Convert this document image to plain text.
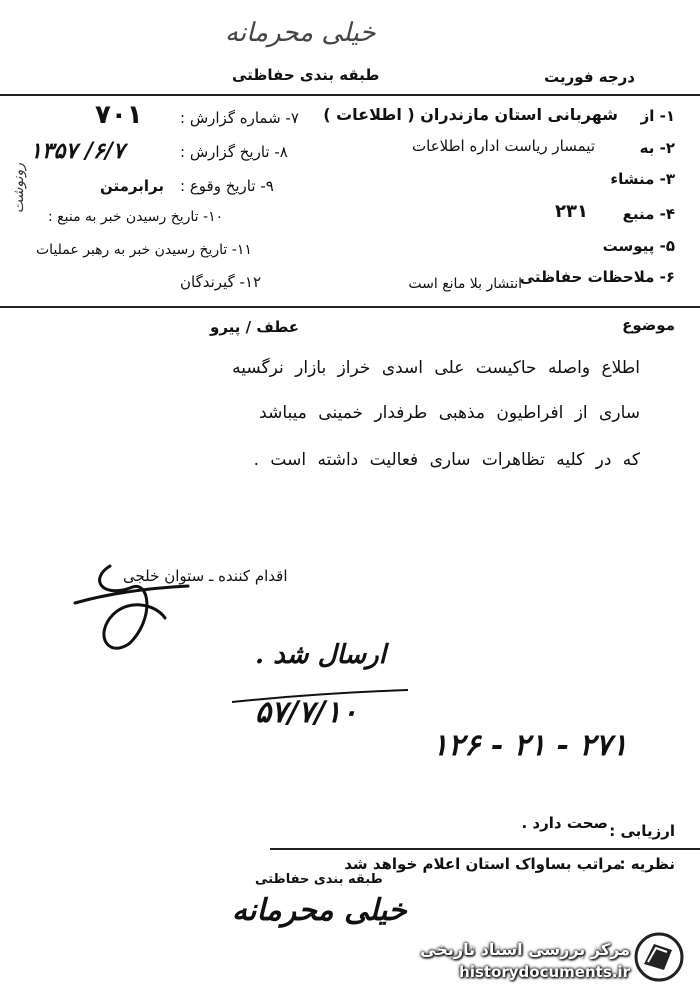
خیلی محرمانه
طبقه بندی حفاظتی	درجه فوریت
۱- از
شهربانی استان مازندران ( اطلاعات )
۲- به
تیمسار ریاست اداره اطلاعات
۳- منشاء
۴- منبع
۲۳۱
۵- پیوست
۶- ملاحظات حفاظتی
انتشار بلا مانع است
۷- شماره گزارش :
۷۰۱
۸- تاریخ گزارش :
۶/۷/ ۱۳۵۷
۹- تاریخ وقوع :
برابرمتن
۱۰- تاریخ رسیدن خبر به منبع :
۱۱- تاریخ رسیدن خبر به رهبر عملیات
۱۲- گیرندگان
رونوشت
موضوع
عطف / پیرو
اطلاع واصله حاکیست علی اسدی خراز بازار نرگسیه
ساری از افراطیون مذهبی طرفدار خمینی میباشد
که در کلیه تظاهرات ساری فعالیت داشته است .
اقدام کننده ـ ستوان خلجی
ارسال شد .
۵۷/۷/۱۰
۲۷۱ - ۲۱ - ۱۲۶
ارزیابی :
صحت دارد .
نظریه :
مراتب بساواک استان اعلام خواهد شد
طبقه بندی حفاظتی
خیلی محرمانه
مرکز بررسی اسناد تاریخی
historydocuments.ir
